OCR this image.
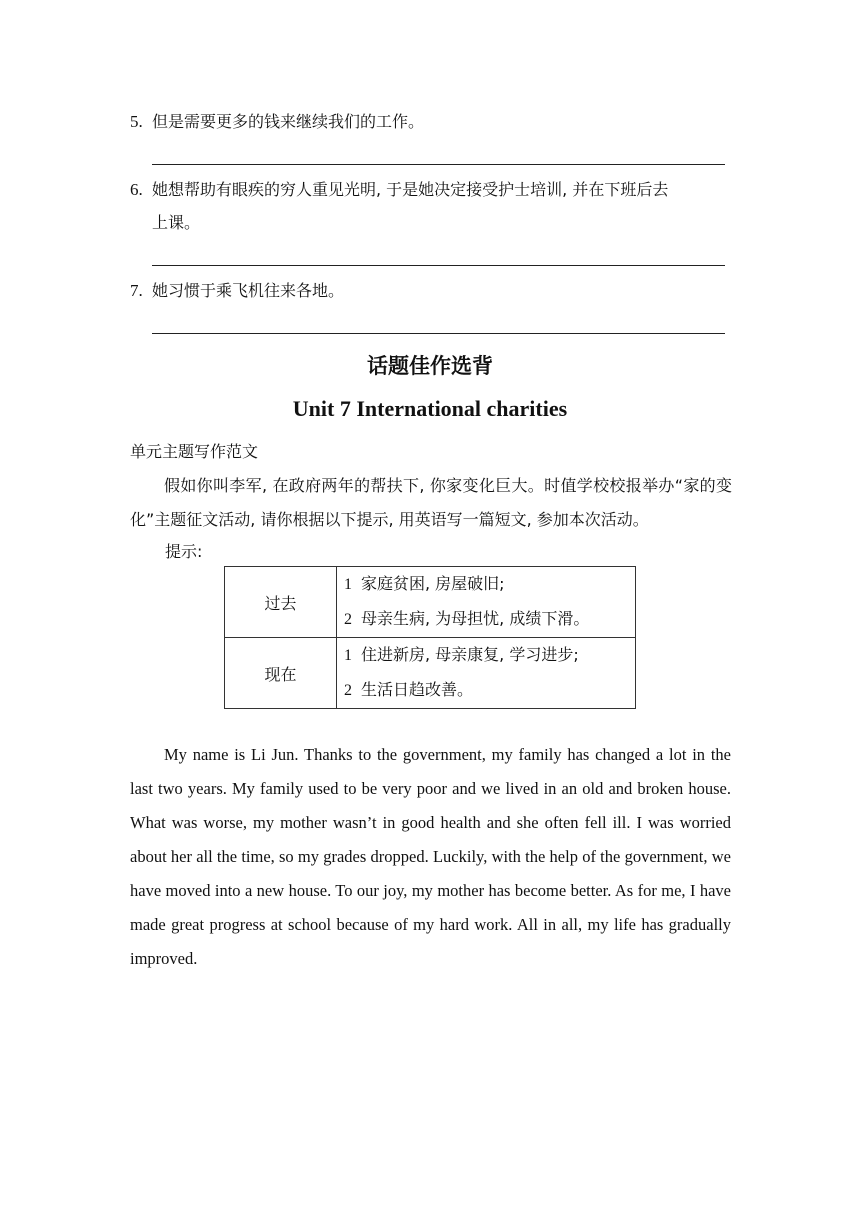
5. 但是需要更多的钱来继续我们的工作。
6. 她想帮助有眼疾的穷人重见光明, 于是她决定接受护士培训, 并在下班后去
上课。
7. 她习惯于乘飞机往来各地。
话题佳作选背
Unit 7 International charities
单元主题写作范文
假如你叫李军, 在政府两年的帮扶下, 你家变化巨大。时值学校校报举办“家的变化”主题征文活动, 请你根据以下提示, 用英语写一篇短文, 参加本次活动。
提示:
过去	1 家庭贫困, 房屋破旧;
2 母亲生病, 为母担忧, 成绩下滑。

现在	1 住进新房, 母亲康复, 学习进步;
2 生活日趋改善。
My name is Li Jun. Thanks to the government, my family has changed a lot in the last two years. My family used to be very poor and we lived in an old and broken house. What was worse, my mother wasn’t in good health and she often fell ill. I was worried about her all the time, so my grades dropped. Luckily, with the help of the government, we have moved into a new house. To our joy, my mother has become better. As for me, I have made great progress at school because of my hard work. All in all, my life has gradually improved.
